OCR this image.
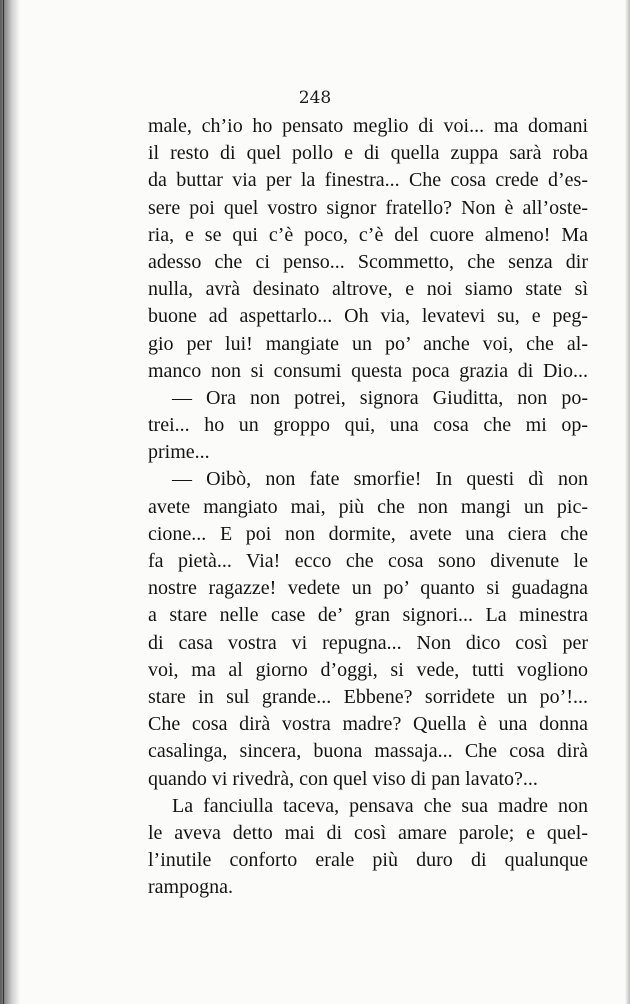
248
male, ch’io ho pensato meglio di voi... ma domani
il resto di quel pollo e di quella zuppa sarà roba
da buttar via per la finestra... Che cosa crede d’es-
sere poi quel vostro signor fratello? Non è all’oste-
ria, e se qui c’è poco, c’è del cuore almeno! Ma
adesso che ci penso... Scommetto, che senza dir
nulla, avrà desinato altrove, e noi siamo state sì
buone ad aspettarlo... Oh via, levatevi su, e peg-
gio per lui! mangiate un po’ anche voi, che al-
manco non si consumi questa poca grazia di Dio...
— Ora non potrei, signora Giuditta, non po-
trei... ho un groppo qui, una cosa che mi op-
prime...
— Oibò, non fate smorfie! In questi dì non
avete mangiato mai, più che non mangi un pic-
cione... E poi non dormite, avete una ciera che
fa pietà... Via! ecco che cosa sono divenute le
nostre ragazze! vedete un po’ quanto si guadagna
a stare nelle case de’ gran signori... La minestra
di casa vostra vi repugna... Non dico così per
voi, ma al giorno d’oggi, si vede, tutti vogliono
stare in sul grande... Ebbene? sorridete un po’!...
Che cosa dirà vostra madre? Quella è una donna
casalinga, sincera, buona massaja... Che cosa dirà
quando vi rivedrà, con quel viso di pan lavato?...
La fanciulla taceva, pensava che sua madre non
le aveva detto mai di così amare parole; e quel-
l’inutile conforto erale più duro di qualunque
rampogna.
